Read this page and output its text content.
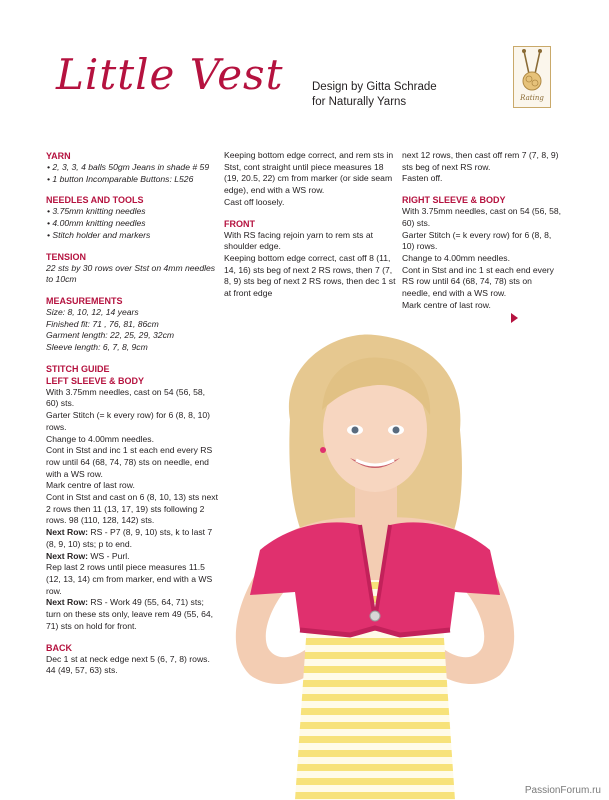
Little Vest Design by Gitta Schrade
for Naturally Yarns	Rating
YARN
• 2, 3, 3, 4 balls 50gm Jeans in shade # 59
• 1 button Incomparable Buttons: L526
NEEDLES AND TOOLS
• 3.75mm knitting needles
• 4.00mm knitting needles
• Stitch holder and markers
TENSION
22 sts by 30 rows over Stst on 4mm needles to 10cm
MEASUREMENTS
Size: 8, 10, 12, 14 years
Finished fit: 71 , 76, 81, 86cm
Garment length: 22, 25, 29, 32cm
Sleeve length: 6, 7, 8, 9cm
STITCH GUIDE
LEFT SLEEVE & BODY
With 3.75mm needles, cast on 54 (56, 58, 60) sts.
Garter Stitch (= k every row) for 6 (8, 8, 10) rows.
Change to 4.00mm needles.
Cont in Stst and inc 1 st each end every RS row until 64 (68, 74, 78) sts on needle, end with a WS row.
Mark centre of last row.
Cont in Stst and cast on 6 (8, 10, 13) sts next 2 rows then 11 (13, 17, 19) sts following 2 rows. 98 (110, 128, 142) sts.
Next Row: RS - P7 (8, 9, 10) sts, k to last 7 (8, 9, 10) sts; p to end.
Next Row: WS - Purl.
Rep last 2 rows until piece measures 11.5 (12, 13, 14) cm from marker, end with a WS row.
Next Row: RS - Work 49 (55, 64, 71) sts; turn on these sts only, leave rem 49 (55, 64, 71) sts on hold for front.
BACK
Dec 1 st at neck edge next 5 (6, 7, 8) rows. 44 (49, 57, 63) sts.
Keeping bottom edge correct, and rem sts in Stst, cont straight until piece measures 18 (19, 20.5, 22) cm from marker (or side seam edge), end with a WS row.
Cast off loosely.
FRONT
With RS facing rejoin yarn to rem sts at shoulder edge.
Keeping bottom edge correct, cast off 8 (11, 14, 16) sts beg of next 2 RS rows, then 7 (7, 8, 9) sts beg of next 2 RS rows, then dec 1 st at front edge
next 12 rows, then cast off rem 7 (7, 8, 9) sts beg of next RS row.
Fasten off.
RIGHT SLEEVE & BODY
With 3.75mm needles, cast on 54 (56, 58, 60) sts.
Garter Stitch (= k every row) for 6 (8, 8, 10) rows.
Change to 4.00mm needles.
Cont in Stst and inc 1 st each end every RS row until 64 (68, 74, 78) sts on needle, end with a WS row.
Mark centre of last row.
PassionForum.ru
